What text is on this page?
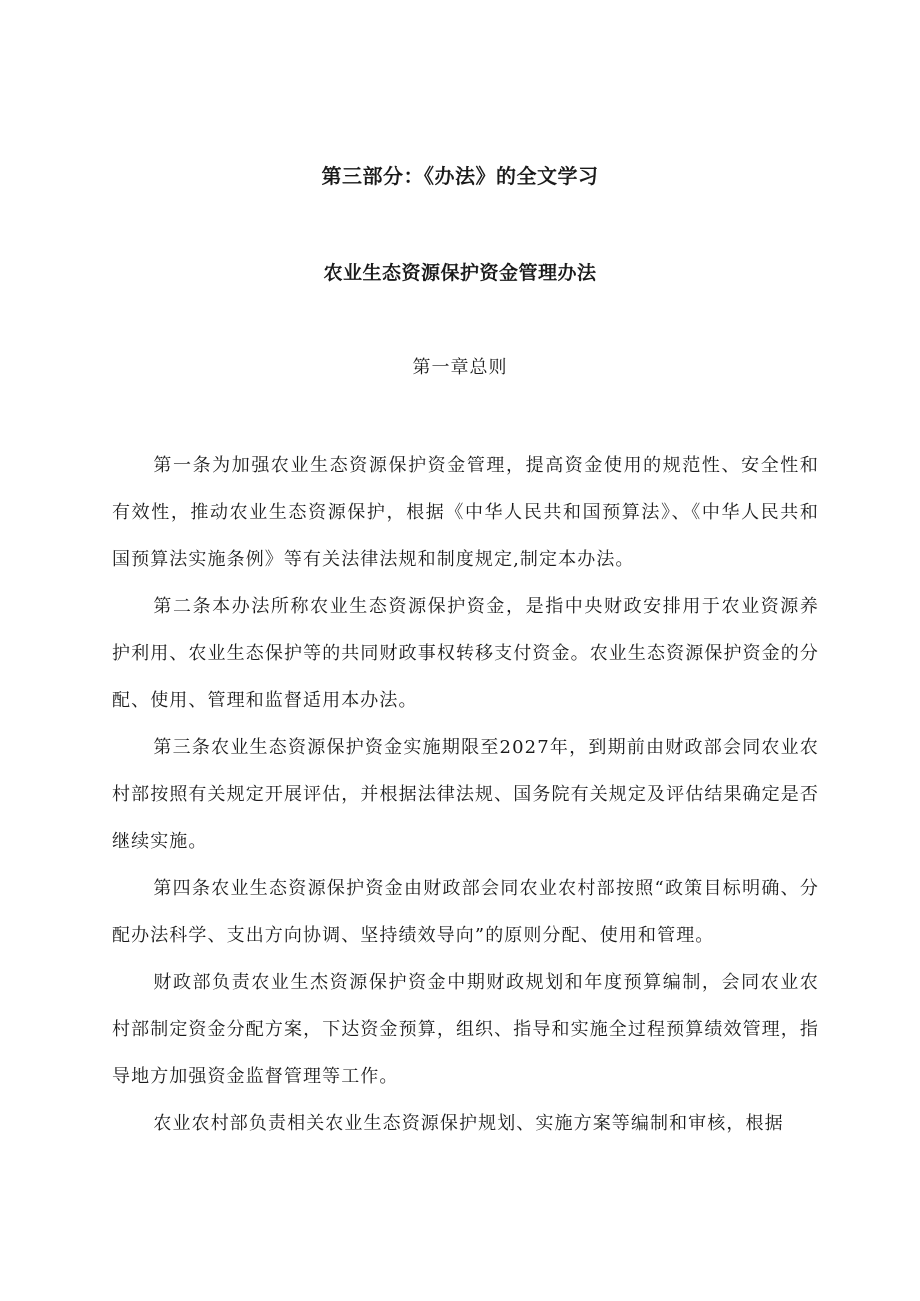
第三部分：《办法》的全文学习
农业生态资源保护资金管理办法
第一章总则

第一条为加强农业生态资源保护资金管理，提高资金使用的规范性、安全性和有效性，推动农业生态资源保护，根据《中华人民共和国预算法》、《中华人民共和国预算法实施条例》等有关法律法规和制度规定,制定本办法。

第二条本办法所称农业生态资源保护资金，是指中央财政安排用于农业资源养护利用、农业生态保护等的共同财政事权转移支付资金。农业生态资源保护资金的分配、使用、管理和监督适用本办法。

第三条农业生态资源保护资金实施期限至2027年，到期前由财政部会同农业农村部按照有关规定开展评估，并根据法律法规、国务院有关规定及评估结果确定是否继续实施。

第四条农业生态资源保护资金由财政部会同农业农村部按照“政策目标明确、分配办法科学、支出方向协调、坚持绩效导向”的原则分配、使用和管理。

财政部负责农业生杰资源保护资金中期财政规划和年度预算编制，会同农业农村部制定资金分配方案，下达资金预算，组织、指导和实施全过程预算绩效管理，指导地方加强资金监督管理等工作。

农业农村部负责相关农业生态资源保护规划、实施方案等编制和审核，根据
